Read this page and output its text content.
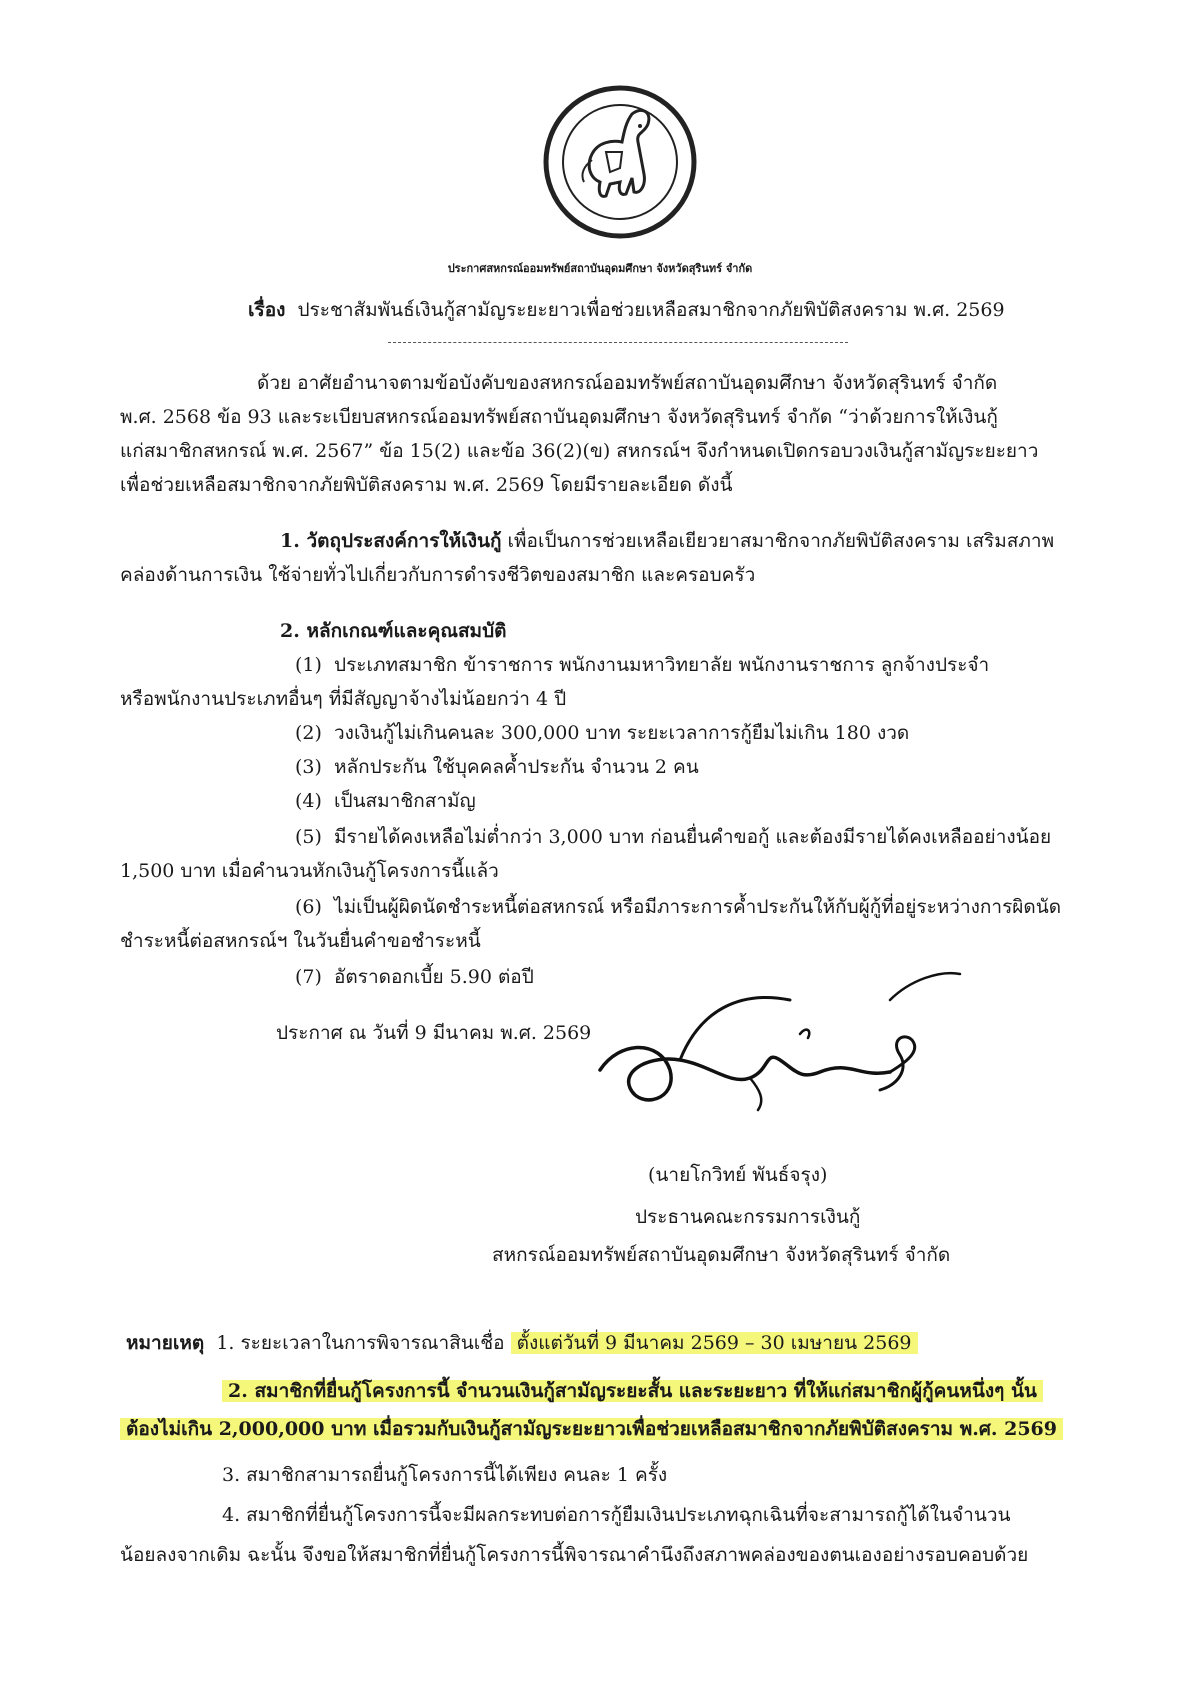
ประกาศสหกรณ์ออมทรัพย์สถาบันอุดมศึกษา จังหวัดสุรินทร์ จำกัด
เรื่อง ประชาสัมพันธ์เงินกู้สามัญระยะยาวเพื่อช่วยเหลือสมาชิกจากภัยพิบัติสงคราม พ.ศ. 2569
ด้วย อาศัยอำนาจตามข้อบังคับของสหกรณ์ออมทรัพย์สถาบันอุดมศึกษา จังหวัดสุรินทร์ จำกัด
พ.ศ. 2568 ข้อ 93 และระเบียบสหกรณ์ออมทรัพย์สถาบันอุดมศึกษา จังหวัดสุรินทร์ จำกัด “ว่าด้วยการให้เงินกู้
แก่สมาชิกสหกรณ์ พ.ศ. 2567” ข้อ 15(2) และข้อ 36(2)(ข) สหกรณ์ฯ จึงกำหนดเปิดกรอบวงเงินกู้สามัญระยะยาว
เพื่อช่วยเหลือสมาชิกจากภัยพิบัติสงคราม พ.ศ. 2569 โดยมีรายละเอียด ดังนี้
1. วัตถุประสงค์การให้เงินกู้ เพื่อเป็นการช่วยเหลือเยียวยาสมาชิกจากภัยพิบัติสงคราม เสริมสภาพ
คล่องด้านการเงิน ใช้จ่ายทั่วไปเกี่ยวกับการดำรงชีวิตของสมาชิก และครอบครัว
2. หลักเกณฑ์และคุณสมบัติ
(1) ประเภทสมาชิก ข้าราชการ พนักงานมหาวิทยาลัย พนักงานราชการ ลูกจ้างประจำ
หรือพนักงานประเภทอื่นๆ ที่มีสัญญาจ้างไม่น้อยกว่า 4 ปี
(2) วงเงินกู้ไม่เกินคนละ 300,000 บาท ระยะเวลาการกู้ยืมไม่เกิน 180 งวด
(3) หลักประกัน ใช้บุคคลค้ำประกัน จำนวน 2 คน
(4) เป็นสมาชิกสามัญ
(5) มีรายได้คงเหลือไม่ต่ำกว่า 3,000 บาท ก่อนยื่นคำขอกู้ และต้องมีรายได้คงเหลืออย่างน้อย
1,500 บาท เมื่อคำนวนหักเงินกู้โครงการนี้แล้ว
(6) ไม่เป็นผู้ผิดนัดชำระหนี้ต่อสหกรณ์ หรือมีภาระการค้ำประกันให้กับผู้กู้ที่อยู่ระหว่างการผิดนัด
ชำระหนี้ต่อสหกรณ์ฯ ในวันยื่นคำขอชำระหนี้
(7) อัตราดอกเบี้ย 5.90 ต่อปี
ประกาศ ณ วันที่ 9 มีนาคม พ.ศ. 2569
(นายโกวิทย์ พันธ์จรุง)
ประธานคณะกรรมการเงินกู้
สหกรณ์ออมทรัพย์สถาบันอุดมศึกษา จังหวัดสุรินทร์ จำกัด
หมายเหตุ 1. ระยะเวลาในการพิจารณาสินเชื่อ ตั้งแต่วันที่ 9 มีนาคม 2569 – 30 เมษายน 2569
2. สมาชิกที่ยื่นกู้โครงการนี้ จำนวนเงินกู้สามัญระยะสั้น และระยะยาว ที่ให้แก่สมาชิกผู้กู้คนหนึ่งๆ นั้น
ต้องไม่เกิน 2,000,000 บาท เมื่อรวมกับเงินกู้สามัญระยะยาวเพื่อช่วยเหลือสมาชิกจากภัยพิบัติสงคราม พ.ศ. 2569
3. สมาชิกสามารถยื่นกู้โครงการนี้ได้เพียง คนละ 1 ครั้ง
4. สมาชิกที่ยื่นกู้โครงการนี้จะมีผลกระทบต่อการกู้ยืมเงินประเภทฉุกเฉินที่จะสามารถกู้ได้ในจำนวน
น้อยลงจากเดิม ฉะนั้น จึงขอให้สมาชิกที่ยื่นกู้โครงการนี้พิจารณาคำนึงถึงสภาพคล่องของตนเองอย่างรอบคอบด้วย
